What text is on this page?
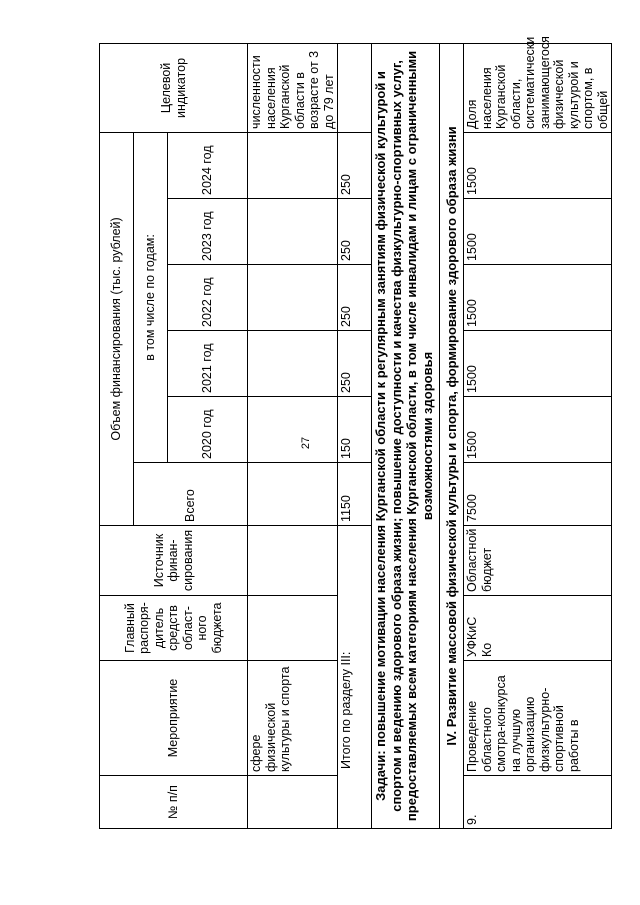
27
№ п/п	Мероприятие	Главный распоря-дитель средств област-ного бюджета	Источник финан-сирования	Объем финансирования (тыс. рублей)						Целевой индикатор
				Всего	в том числе по годам:					
					2020 год	2021 год	2022 год	2023 год	2024 год	
	сфере физической культуры и спорта									численности населения Курганской области в возрасте от 3 до 79 лет
Итого по разделу III:				1150	150	250	250	250	250	
Задачи: повышение мотивации населения Курганской области к регулярным занятиям физической культурой и спортом и ведению здорового образа жизни; повышение доступности и качества физкультурно-спортивных услуг, предоставляемых всем категориям населения Курганской области, в том числе инвалидам и лицам с ограниченными возможностями здоровья										
IV. Развитие массовой физической культуры и спорта, формирование здорового образа жизни										
9.	Проведение областного смотра-конкурса на лучшую организацию физкультурно-спортивной работы в	УФКиС Ко	Областной бюджет	7500	1500	1500	1500	1500	1500	Доля населения Курганской области, систематически занимающегося физической культурой и спортом, в общей
